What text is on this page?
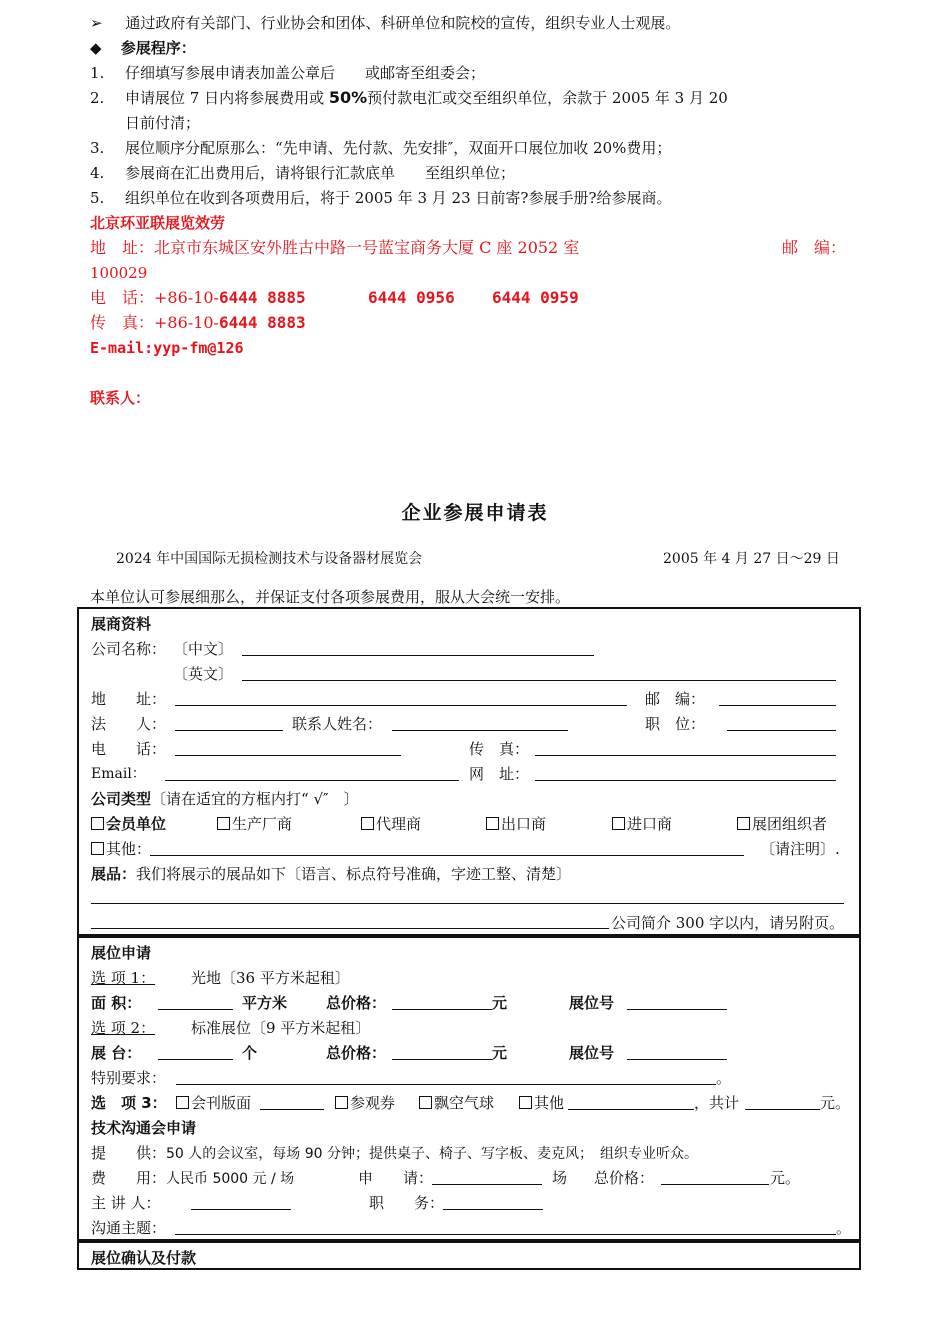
➢ 通过政府有关部门、行业协会和团体、科研单位和院校的宣传，组织专业人士观展。
◆ 参展程序：
1. 仔细填写参展申请表加盖公章后　　或邮寄至组委会；
2. 申请展位 7 日内将参展费用或 50%预付款电汇或交至组织单位，余款于 2005 年 3 月 20
日前付清；
3. 展位顺序分配原那么：“先申请、先付款、先安排″，双面开口展位加收 20%费用；
4. 参展商在汇出费用后，请将银行汇款底单　　至组织单位；
5. 组织单位在收到各项费用后，将于 2005 年 3 月 23 日前寄?参展手册?给参展商。
北京环亚联展览效劳
地　址：北京市东城区安外胜古中路一号蓝宝商务大厦 C 座 2052 室	邮　编：
100029
电　话：+86-10-6444 8885	6444 0956 6444 0959
传　真：+86-10-6444 8883
E-mail:yyp-fm@126
联系人：
企业参展申请表
2024 年中国国际无损检测技术与设备器材展览会	2005 年 4 月 27 日～29 日
本单位认可参展细那么，并保证支付各项参展费用，服从大会统一安排。
展商资料
公司名称： 〔中文〕
〔英文〕
地　　址：	邮　编：
法　　人：	联系人姓名：	职　位：
电　　话：	传　真：
Email：	网　址：
公司类型〔请在适宜的方框内打“ √″　〕
会员单位	生产厂商	代理商	出口商	进口商	展团组织者
其他：	〔请注明〕.
展品：我们将展示的展品如下〔语言、标点符号准确，字迹工整、清楚〕
公司简介 300 字以内，请另附页。
展位申请
选 项 1： 光地〔36 平方米起租〕
面 积：	平方米	总价格：	元	展位号
选 项 2： 标准展位〔9 平方米起租〕
展 台：	个	总价格：	元	展位号
特别要求：	。
选　项 3：	会刊版面	参观券	飘空气球	其他	，共计	元。
技术沟通会申请
提　　供：50 人的会议室，每场 90 分钟；提供桌子、椅子、写字板、麦克风；　组织专业听众。
费　　用：人民币 5000 元 / 场	申　　请：	场 总价格：	元。
主 讲 人：	职　　务：
沟通主题：	。
展位确认及付款
